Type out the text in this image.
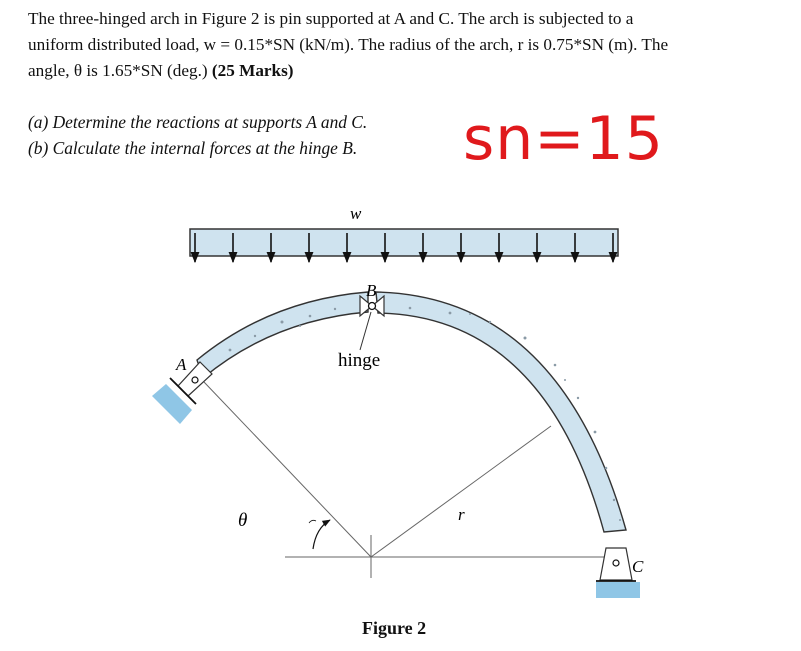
The three-hinged arch in Figure 2 is pin supported at A and C. The arch is subjected to a

uniform distributed load, w = 0.15*SN (kN/m). The radius of the arch, r is 0.75*SN (m). The

angle, θ is 1.65*SN (deg.) (25 Marks)

(a) Determine the reactions at supports A and C.
(b) Calculate the internal forces at the hinge B. sn=15
w
B
hinge
A
C
r
θ
Figure 2
